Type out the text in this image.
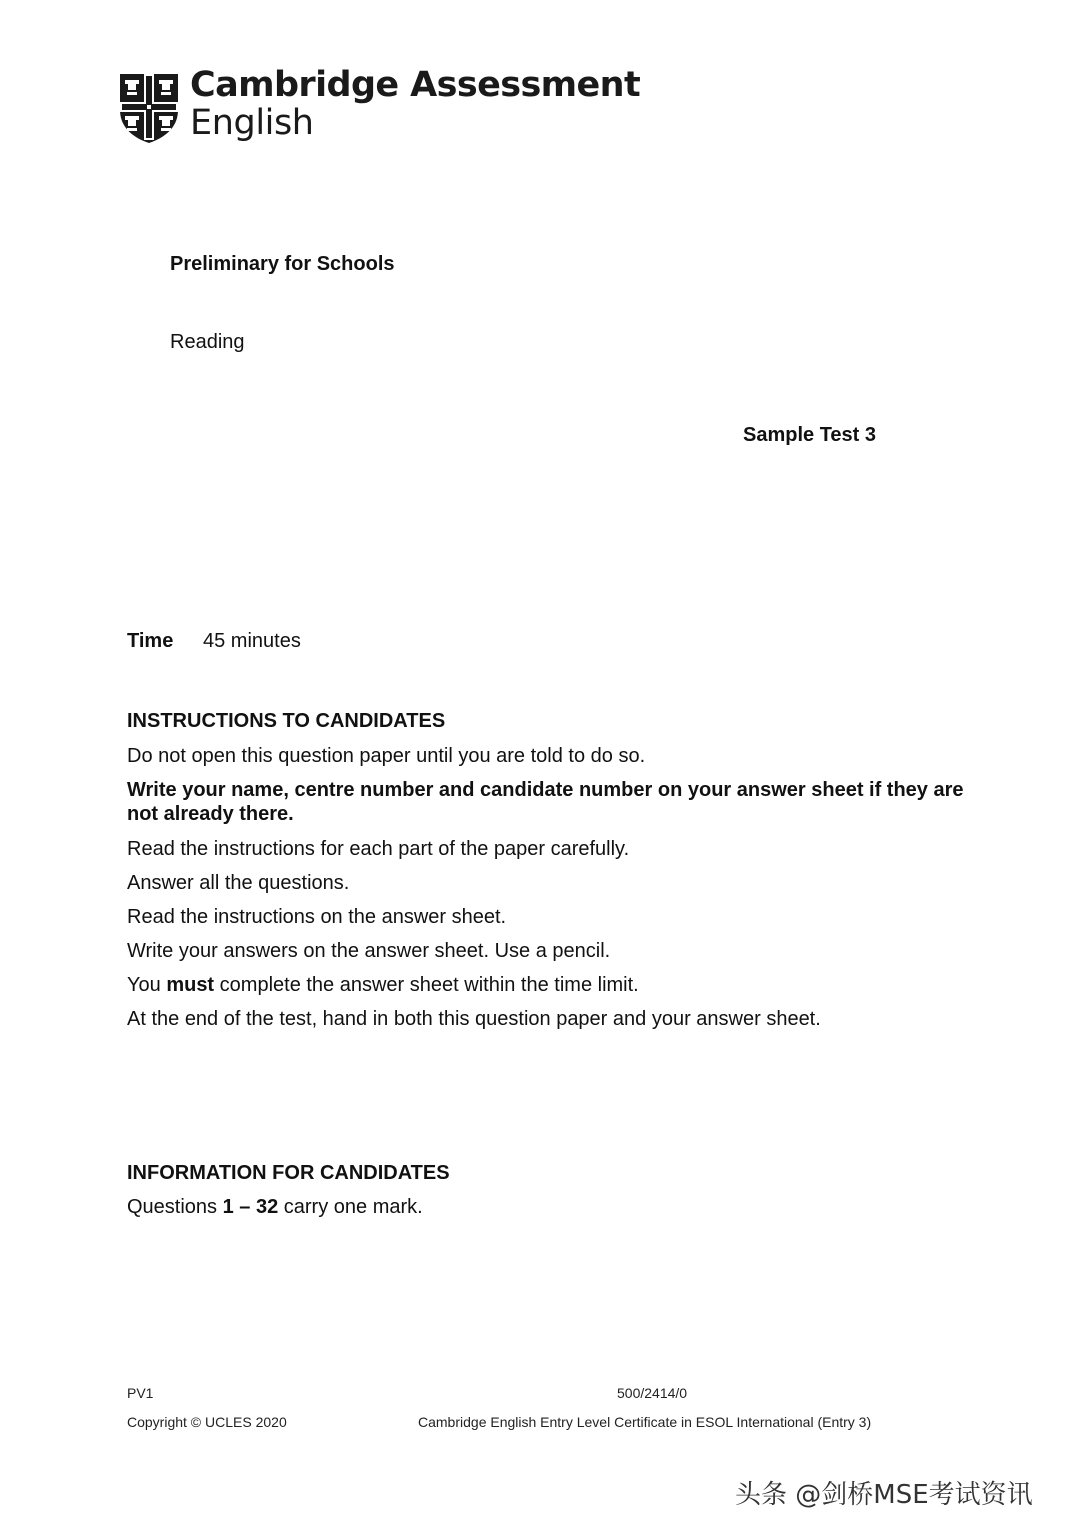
Cambridge Assessment
English
Preliminary for Schools
Reading
Sample Test 3
Time	45 minutes
INSTRUCTIONS TO CANDIDATES

Do not open this question paper until you are told to do so.

Write your name, centre number and candidate number on your answer sheet if they are not already there.

Read the instructions for each part of the paper carefully.

Answer all the questions.

Read the instructions on the answer sheet.

Write your answers on the answer sheet. Use a pencil.

You must complete the answer sheet within the time limit.

At the end of the test, hand in both this question paper and your answer sheet.

INFORMATION FOR CANDIDATES
Questions 1 – 32 carry one mark.
PV1
Copyright © UCLES 2020
500/2414/0
Cambridge English Entry Level Certificate in ESOL International (Entry 3)
头条 @剑桥MSE考试资讯
